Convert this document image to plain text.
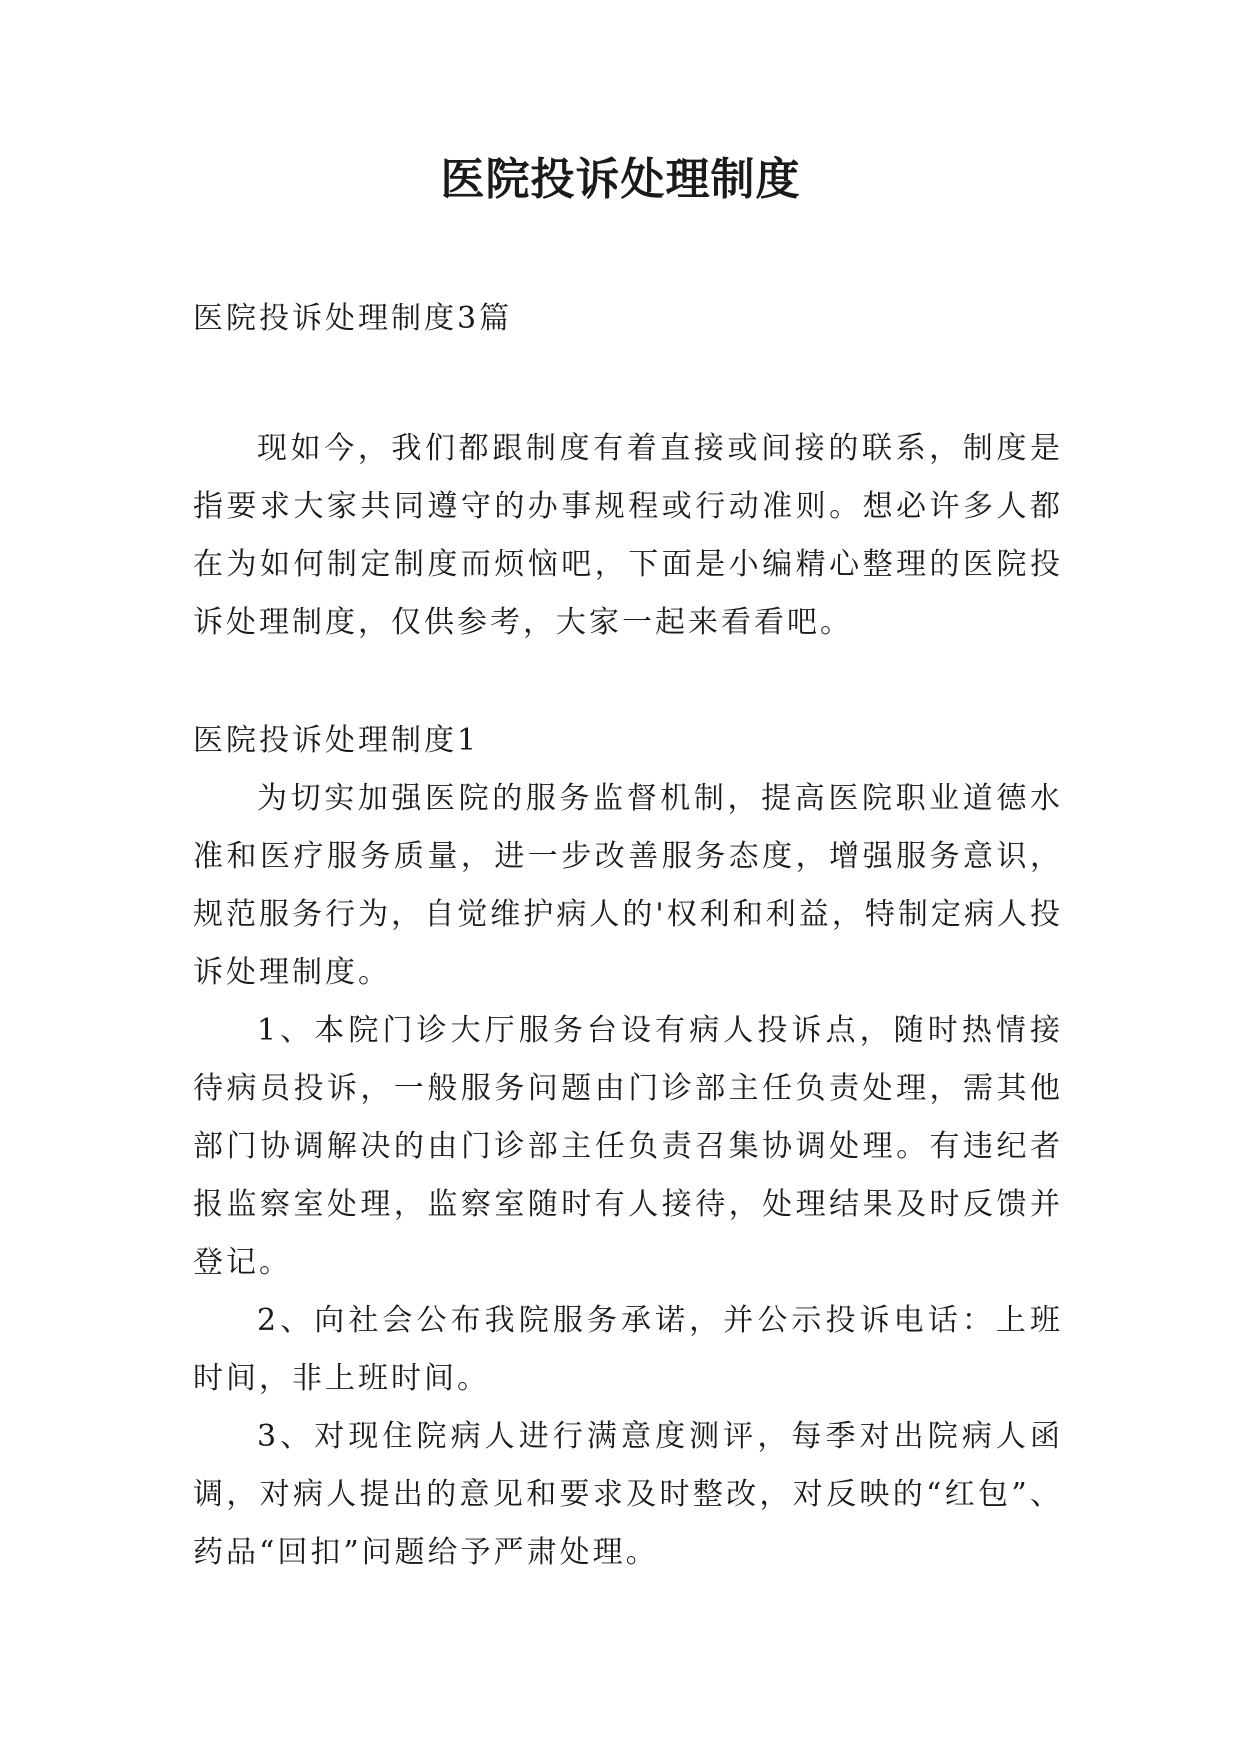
医院投诉处理制度

医院投诉处理制度3篇

现如今，我们都跟制度有着直接或间接的联系，制度是指要求大家共同遵守的办事规程或行动准则。想必许多人都在为如何制定制度而烦恼吧，下面是小编精心整理的医院投诉处理制度，仅供参考，大家一起来看看吧。

医院投诉处理制度1

为切实加强医院的服务监督机制，提高医院职业道德水准和医疗服务质量，进一步改善服务态度，增强服务意识，规范服务行为，自觉维护病人的'权利和利益，特制定病人投诉处理制度。

1、本院门诊大厅服务台设有病人投诉点，随时热情接待病员投诉，一般服务问题由门诊部主任负责处理，需其他部门协调解决的由门诊部主任负责召集协调处理。有违纪者报监察室处理，监察室随时有人接待，处理结果及时反馈并登记。

2、向社会公布我院服务承诺，并公示投诉电话：上班时间，非上班时间。

3、对现住院病人进行满意度测评，每季对出院病人函调，对病人提出的意见和要求及时整改，对反映的“红包”、药品“回扣”问题给予严肃处理。
